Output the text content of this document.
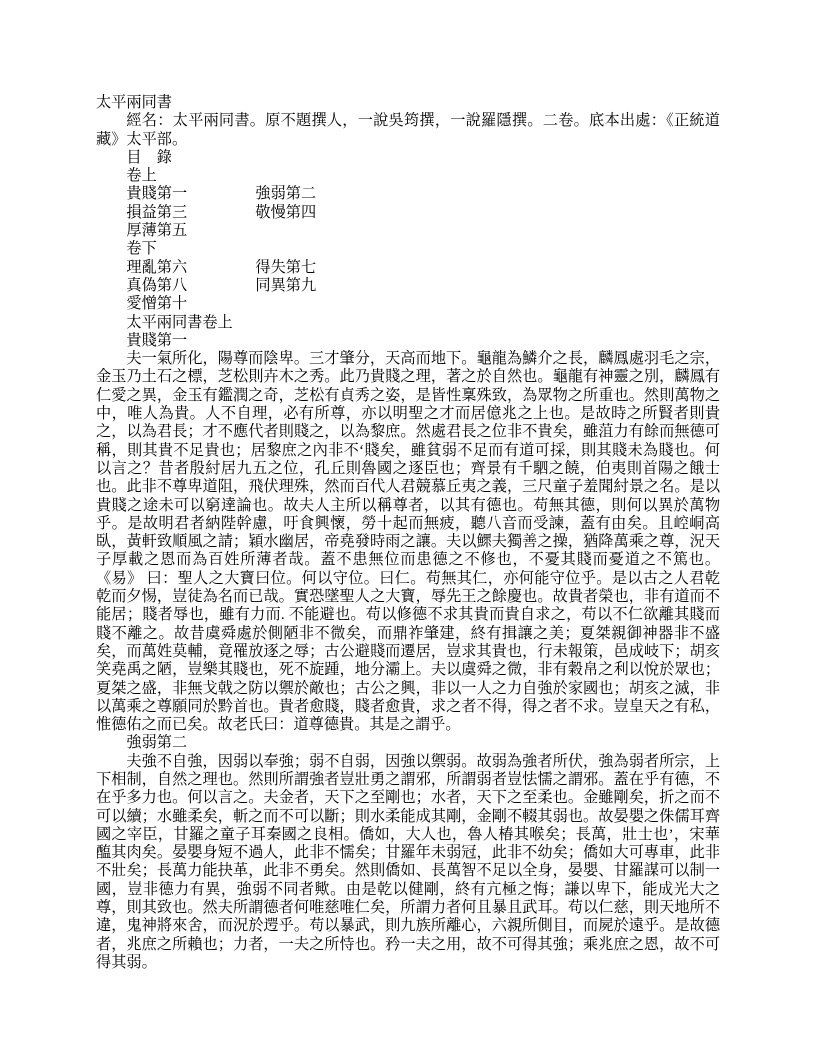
太平兩同書

經名：太平兩同書。原不題撰人，一說吳筠撰，一說羅隱撰。二卷。底本出處：《正統道藏》太平部。

目　錄
卷上
貴賤第一	強弱第二
損益第三	敬慢第四
厚薄第五
卷下
理亂第六	得失第七
真偽第八	同異第九
愛憎第十
太平兩同書卷上
貴賤第一

夫一氣所化，陽尊而陰卑。三才肇分，天高而地下。龜龍為鱗介之長，麟鳳處羽毛之宗，金玉乃土石之標，芝松則卉木之秀。此乃貴賤之理，著之於自然也。龜龍有神靈之別，麟鳳有仁愛之異，金玉有鑑潤之奇，芝松有貞秀之姿，是皆性稟殊致，為眾物之所重也。然則萬物之中，唯人為貴。人不自理，必有所尊，亦以明聖之才而居億兆之上也。是故時之所賢者則貴之，以為君長；才不應代者則賤之，以為黎庶。然處君長之位非不貴矣，雖菹力有餘而無德可稱，則其貴不足貴也；居黎庶之內非不‘賤矣，雖貧弱不足而有道可採，則其賤未為賤也。何以言之？昔者殷紂居九五之位，孔丘則魯國之逐臣也；齊景有千駟之饒，伯夷則首陽之餓士也。此非不尊卑道阻，飛伏理殊，然而百代人君競慕丘夷之義，三尺童子羞聞紂景之名。是以貴賤之途未可以窮達論也。故夫人主所以稱尊者，以其有德也。苟無其德，則何以異於萬物乎。是故明君者納陛幹慮，吁食興懷，勞十起而無疲，聽八音而受諫，蓋有由矣。且崆峒高臥，黃軒致順風之請；穎水幽居，帝堯發時雨之讓。夫以鰥夫獨善之操，猶降萬乘之尊，況天子厚載之恩而為百姓所薄者哉。蓋不患無位而患德之不修也，不憂其賤而憂道之不篤也。《易》 曰：聖人之大寶曰位。何以守位。曰仁。苟無其仁，亦何能守位乎。是以古之人君乾乾而夕惕，豈徒為名而已哉。實恐墜聖人之大寶，辱先王之餘慶也。故貴者榮也，非有道而不能居；賤者辱也，雖有力而. 不能避也。苟以修德不求其貴而貴自求之，苟以不仁欲離其賤而賤不離之。故昔虞舜處於側陋非不微矣，而鼎祚肇建，終有揖讓之美；夏桀親御神器非不盛矣，而萬姓莫輔，竟罹放逐之辱；古公避賤而遷居，豈求其貴也，行未報策，邑成岐下；胡亥笑堯禹之陋，豈樂其賤也，死不旋踵，地分灞上。夫以虞舜之微，非有穀帛之利以悅於眾也；夏桀之盛，非無戈戟之防以禦於敵也；古公之興，非以一人之力自強於家國也；胡亥之滅，非以萬乘之尊願同於黔首也。貴者愈賤，賤者愈貴，求之者不得，得之者不求。豈皇天之有私，惟德佑之而已矣。故老氏曰：道尊德貴。其是之謂乎。

強弱第二

夫強不自強，因弱以奉強；弱不自弱，因強以禦弱。故弱為強者所伏，強為弱者所宗，上下相制，自然之理也。然則所謂強者豈壯勇之謂邪，所謂弱者豈怯懦之謂邪。蓋在乎有德，不在乎多力也。何以言之。夫金者，天下之至剛也；水者，天下之至柔也。金雖剛矣，折之而不可以續；水雖柔矣，斬之而不可以斷；則水柔能成其剛，金剛不輟其弱也。故晏嬰之侏儒耳齊國之宰臣，甘羅之童子耳秦國之良相。僑如，大人也，魯人椿其喉矣；長萬，壯士也’，宋華醢其肉矣。晏嬰身短不過人，此非不懦矣；甘羅年未弱冠，此非不幼矣；僑如大可專車，此非不壯矣；長萬力能抉革，此非不勇矣。然則僑如、長萬智不足以全身，晏嬰、甘羅謀可以制一國，豈非德力有異，強弱不同者歟。由是乾以健剛，終有亢極之悔；謙以卑下，能成光大之尊，則其致也。然夫所謂德者何唯慈唯仁矣，所謂力者何且暴且武耳。苟以仁慈，則天地所不違，鬼神將來舍，而況於遌乎。苟以暴武，則九族所離心，六親所側目，而屍於遠乎。是故德者，兆庶之所賴也；力者，一夫之所恃也。矜一夫之用，故不可得其強；乘兆庶之恩，故不可得其弱。
